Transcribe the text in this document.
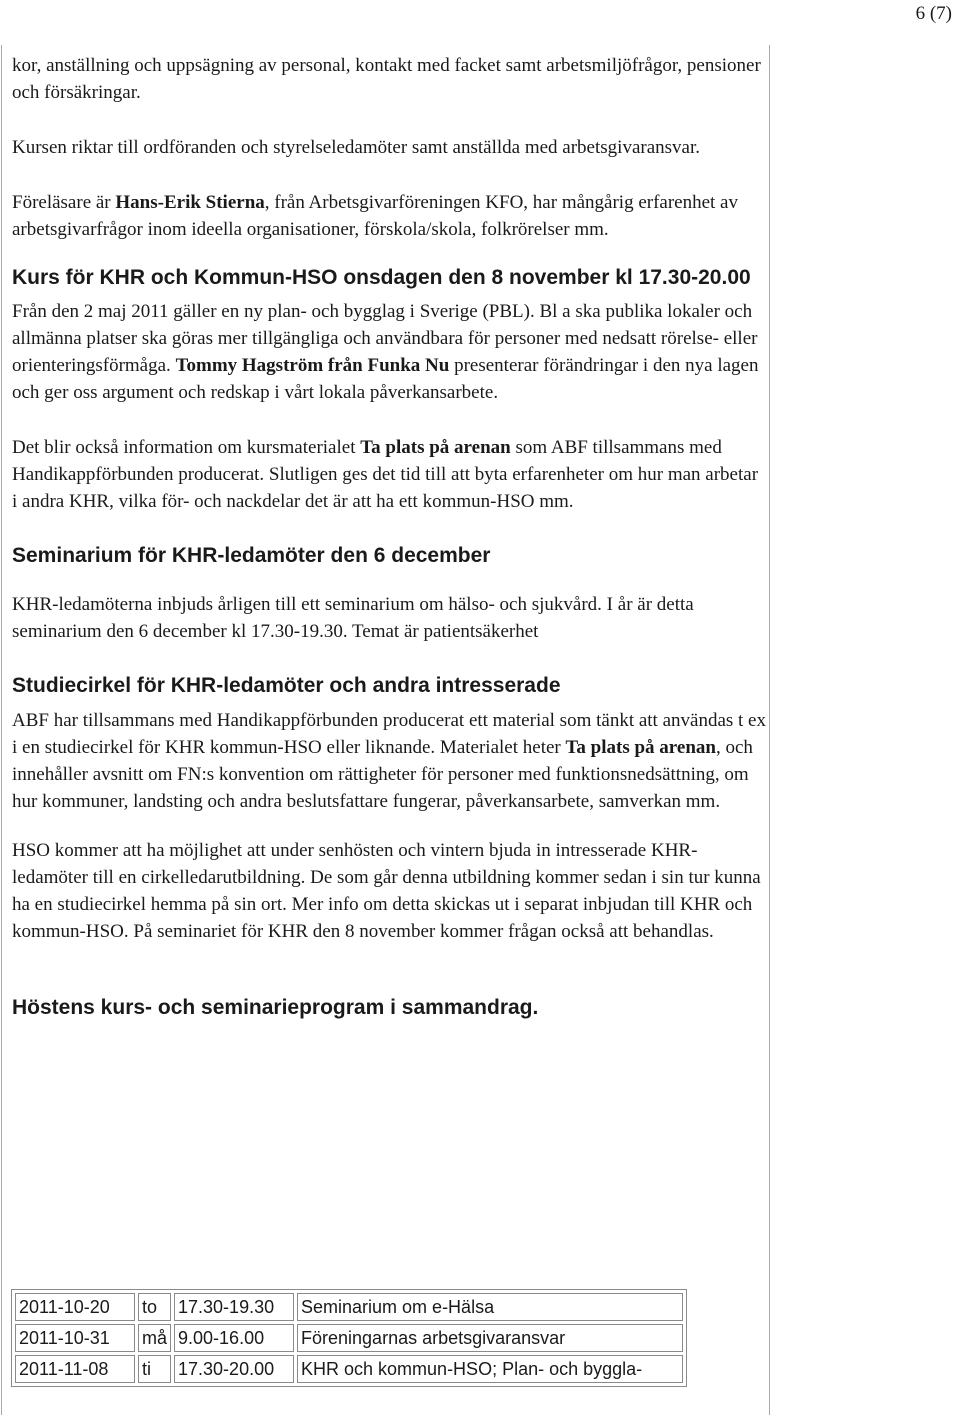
6 (7)

kor, anställning och uppsägning av personal, kontakt med facket samt arbetsmiljöfrågor, pensioner och försäkringar.

Kursen riktar till ordföranden och styrelseledamöter samt anställda med arbetsgivaransvar.

Föreläsare är Hans-Erik Stierna, från Arbetsgivarföreningen KFO, har mångårig erfarenhet av arbetsgivarfrågor inom ideella organisationer, förskola/skola, folkrörelser mm.

Kurs för KHR och Kommun-HSO onsdagen den 8 november kl 17.30-20.00

Från den 2 maj 2011 gäller en ny plan- och bygglag i Sverige (PBL). Bl a ska publika lokaler och allmänna platser ska göras mer tillgängliga och användbara för personer med nedsatt rörelse- eller orienteringsförmåga. Tommy Hagström från Funka Nu presenterar förändringar i den nya lagen och ger oss argument och redskap i vårt lokala påverkansarbete.

Det blir också information om kursmaterialet Ta plats på arenan som ABF tillsammans med Handikappförbunden producerat. Slutligen ges det tid till att byta erfarenheter om hur man arbetar i andra KHR, vilka för- och nackdelar det är att ha ett kommun-HSO mm.

Seminarium för KHR-ledamöter den 6 december

KHR-ledamöterna inbjuds årligen till ett seminarium om hälso- och sjukvård. I år är detta seminarium den 6 december kl 17.30-19.30. Temat är patientsäkerhet

Studiecirkel för KHR-ledamöter och andra intresserade

ABF har tillsammans med Handikappförbunden producerat ett material som tänkt att användas t ex i en studiecirkel för KHR kommun-HSO eller liknande. Materialet heter Ta plats på arenan, och innehåller avsnitt om FN:s konvention om rättigheter för personer med funktionsnedsättning, om hur kommuner, landsting och andra beslutsfattare fungerar, påverkansarbete, samverkan mm.

HSO kommer att ha möjlighet att under senhösten och vintern bjuda in intresserade KHR-ledamöter till en cirkelledarutbildning. De som går denna utbildning kommer sedan i sin tur kunna ha en studiecirkel hemma på sin ort. Mer info om detta skickas ut i separat inbjudan till KHR och kommun-HSO. På seminariet för KHR den 8 november kommer frågan också att behandlas.

Höstens kurs- och seminarieprogram i sammandrag.
2011-10-20	to	17.30-19.30	Seminarium om e-Hälsa
2011-10-31	må	9.00-16.00	Föreningarnas arbetsgivaransvar
2011-11-08	ti	17.30-20.00	KHR och kommun-HSO; Plan- och byggla-
